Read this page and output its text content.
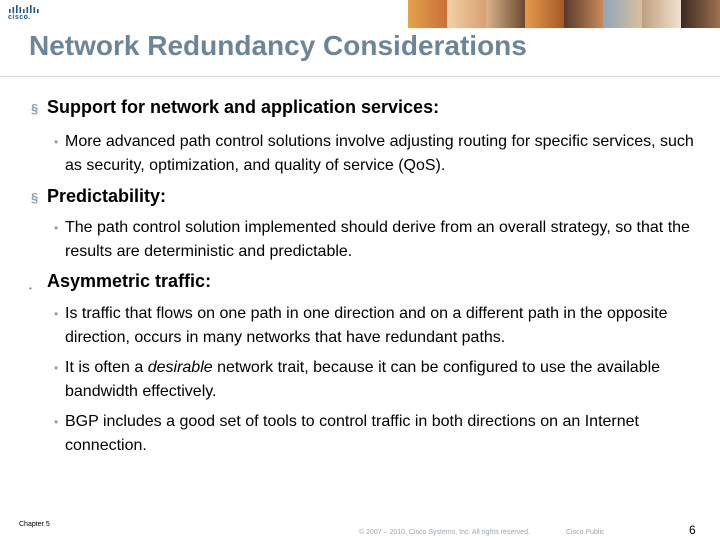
cisco.
Network Redundancy Considerations
§ Support for network and application services:
• More advanced path control solutions involve adjusting routing for specific services, such as security, optimization, and quality of service (QoS).
§ Predictability:
• The path control solution implemented should derive from an overall strategy, so that the results are deterministic and predictable.
• Asymmetric traffic:
• Is traffic that flows on one path in one direction and on a different path in the opposite direction, occurs in many networks that have redundant paths.
• It is often a desirable network trait, because it can be configured to use the available bandwidth effectively.
• BGP includes a good set of tools to control traffic in both directions on an Internet connection.
Chapter 5
© 2007 – 2010, Cisco Systems, Inc. All rights reserved.	Cisco Public	6
